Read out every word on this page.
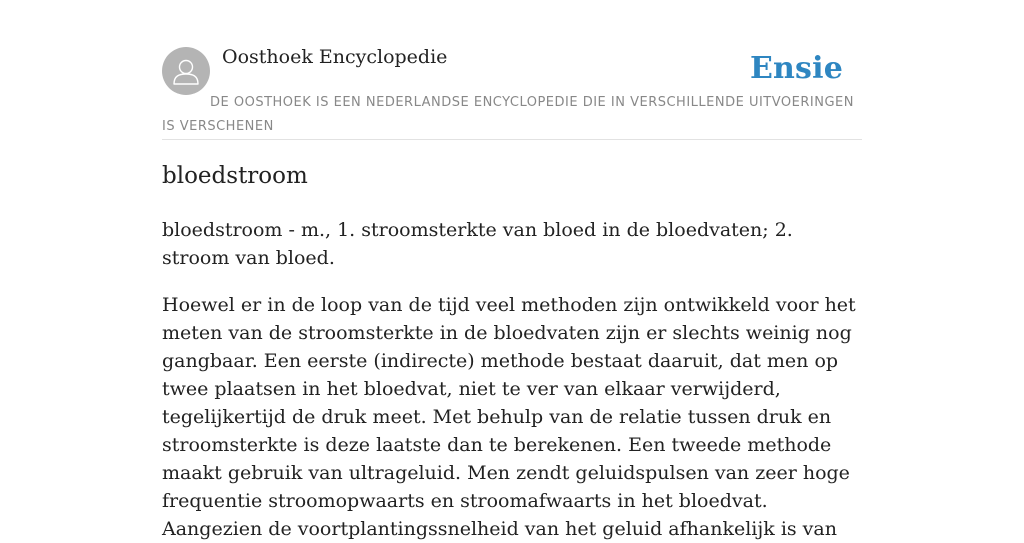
Oosthoek Encyclopedie	Ensie
DE OOSTHOEK IS EEN NEDERLANDSE ENCYCLOPEDIE DIE IN VERSCHILLENDE UITVOERINGEN IS VERSCHENEN
bloedstroom

bloedstroom - m., 1. stroomsterkte van bloed in de bloedvaten; 2. stroom van bloed.

Hoewel er in de loop van de tijd veel methoden zijn ontwikkeld voor het meten van de stroomsterkte in de bloedvaten zijn er slechts weinig nog gangbaar. Een eerste (indirecte) methode bestaat daaruit, dat men op twee plaatsen in het bloedvat, niet te ver van elkaar verwijderd, tegelijkertijd de druk meet. Met behulp van de relatie tussen druk en stroomsterkte is deze laatste dan te berekenen. Een tweede methode maakt gebruik van ultrageluid. Men zendt geluidspulsen van zeer hoge frequentie stroomopwaarts en stroomafwaarts in het bloedvat. Aangezien de voortplantingssnelheid van het geluid afhankelijk is van
